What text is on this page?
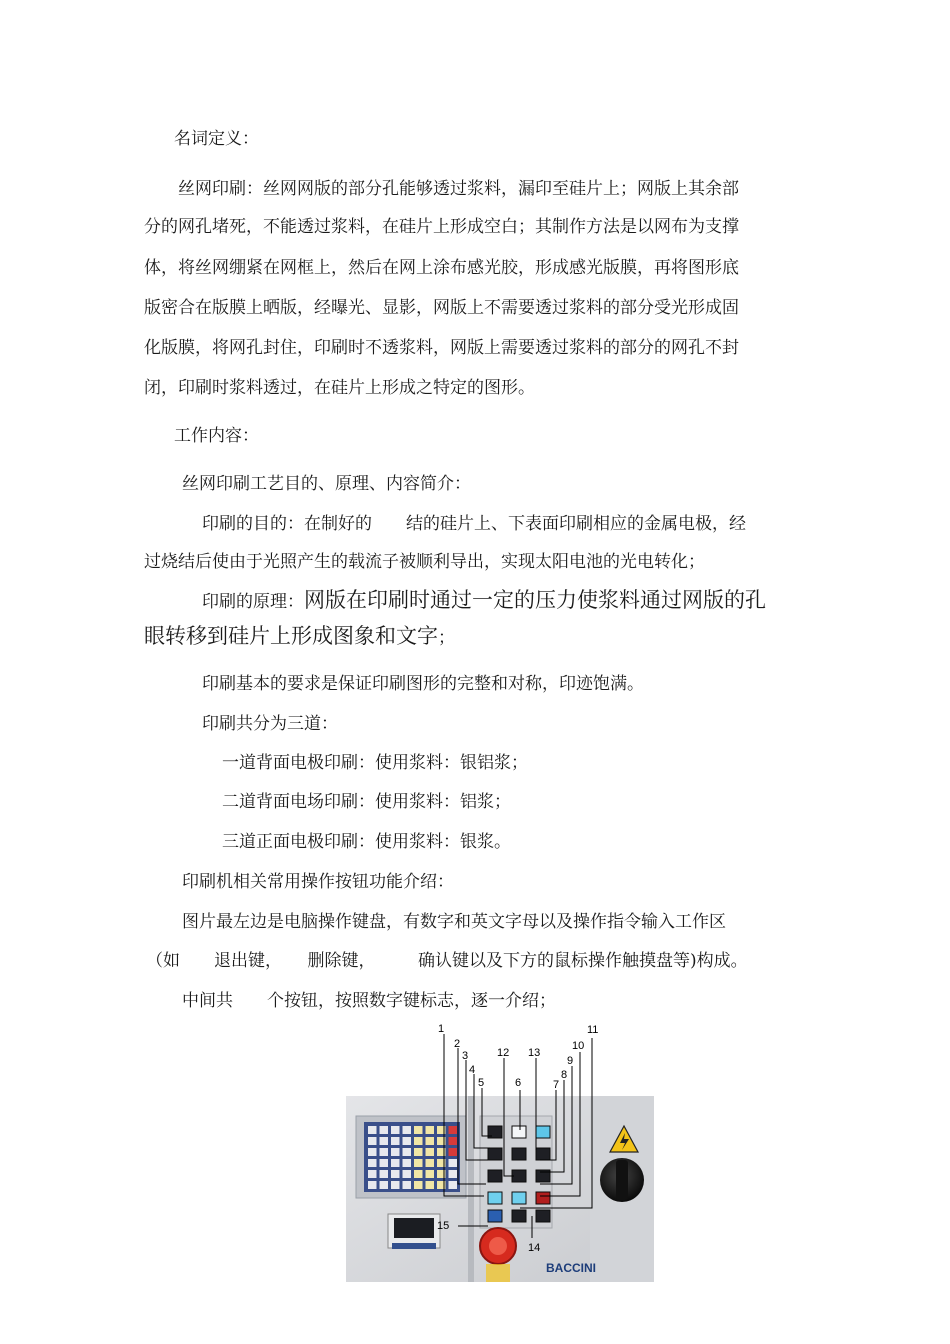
名词定义：

丝网印刷：丝网网版的部分孔能够透过浆料，漏印至硅片上；网版上其余部

分的网孔堵死，不能透过浆料，在硅片上形成空白；其制作方法是以网布为支撑

体，将丝网绷紧在网框上，然后在网上涂布感光胶，形成感光版膜，再将图形底

版密合在版膜上晒版，经曝光、显影，网版上不需要透过浆料的部分受光形成固

化版膜，将网孔封住，印刷时不透浆料，网版上需要透过浆料的部分的网孔不封

闭，印刷时浆料透过，在硅片上形成之特定的图形。

工作内容：

丝网印刷工艺目的、原理、内容简介：

印刷的目的：在制好的　　结的硅片上、下表面印刷相应的金属电极，经

过烧结后使由于光照产生的载流子被顺利导出，实现太阳电池的光电转化；

印刷的原理：网版在印刷时通过一定的压力使浆料通过网版的孔

眼转移到硅片上形成图象和文字；

印刷基本的要求是保证印刷图形的完整和对称，印迹饱满。

印刷共分为三道：

一道背面电极印刷：使用浆料：银铝浆；

二道背面电场印刷：使用浆料：铝浆；

三道正面电极印刷：使用浆料：银浆。

印刷机相关常用操作按钮功能介绍：

图片最左边是电脑操作键盘，有数字和英文字母以及操作指令输入工作区

（如　　退出键，　　删除键，　　　确认键以及下方的鼠标操作触摸盘等)构成。

中间共　　个按钮，按照数字键标志，逐一介绍；

BACCINI
1
2
3
4
5	6	7
8
9
10
11
12 13
14
15
